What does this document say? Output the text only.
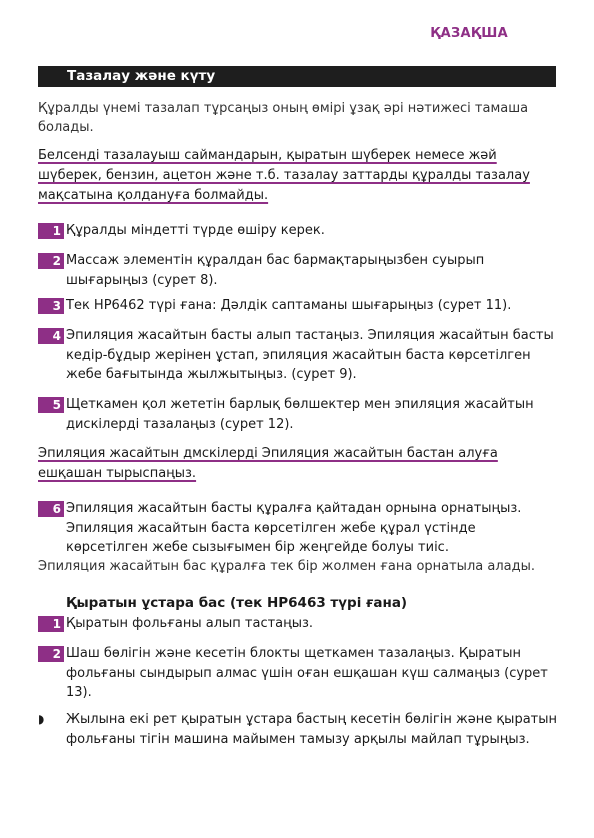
ҚАЗАҚША
Тазалау және күту
Құралды үнемі тазалап тұрсаңыз оның өмірі ұзақ әрі нәтижесі тамаша болады.
Белсенді тазалауыш саймандарын, қыратын шүберек немесе жәй шүберек, бензин, ацетон және т.б. тазалау заттарды құралды тазалау мақсатына қолдануға болмайды.
1 Құралды міндетті түрде өшіру керек.
2 Массаж элементін құралдан бас бармақтарыңызбен суырып шығарыңыз (сурет 8).
3 Тек HP6462 түрі ғана: Дәлдік саптаманы шығарыңыз (сурет 11).
4 Эпиляция жасайтын басты алып тастаңыз. Эпиляция жасайтын басты кедір-бұдыр жерінен ұстап, эпиляция жасайтын баста көрсетілген жебе бағытында жылжытыңыз. (сурет 9).
5 Щеткамен қол жететін барлық бөлшектер мен эпиляция жасайтын дискілерді тазалаңыз (сурет 12).
Эпиляция жасайтын дмскілерді Эпиляция жасайтын бастан алуға ешқашан тырыспаңыз.
6 Эпиляция жасайтын басты құралға қайтадан орнына орнатыңыз. Эпиляция жасайтын баста көрсетілген жебе құрал үстінде көрсетілген жебе сызығымен бір жеңгейде болуы тиіс.
Эпиляция жасайтын бас құралға тек бір жолмен ғана орнатыла алады.
Қыратын ұстара бас (тек HP6463 түрі ғана)
1 Қыратын фольғаны алып тастаңыз.
2 Шаш бөлігін және кесетін блокты щеткамен тазалаңыз. Қыратын фольғаны сындырып алмас үшін оған ешқашан күш салмаңыз (сурет 13).
◗	Жылына екі рет қыратын ұстара бастың кесетін бөлігін және қыратын фольғаны тігін машина майымен тамызу арқылы майлап тұрыңыз.
